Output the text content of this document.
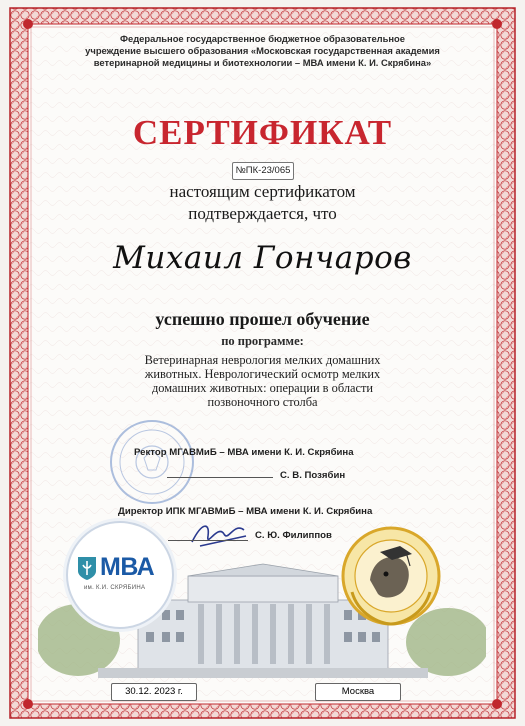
Федеральное государственное бюджетное образовательное
учреждение высшего образования «Московская государственная академия
ветеринарной медицины и биотехнологии – МВА имени К. И. Скрябина»
СЕРТИФИКАТ
№ПК-23/065
настоящим сертификатом
подтверждается, что
Михаил Гончаров
успешно прошел обучение
по программе:
Ветеринарная неврология мелких домашних
животных. Неврологический осмотр мелких
домашних животных: операции в области
позвоночного столба
Ректор МГАВМиБ – МВА имени К. И. Скрябина
С. В. Позябин
Директор ИПК МГАВМиБ – МВА имени К. И. Скрябина
С. Ю. Филиппов
МВА
им. К.И. СКРЯБИНА
30.12. 2023 г.	Москва
